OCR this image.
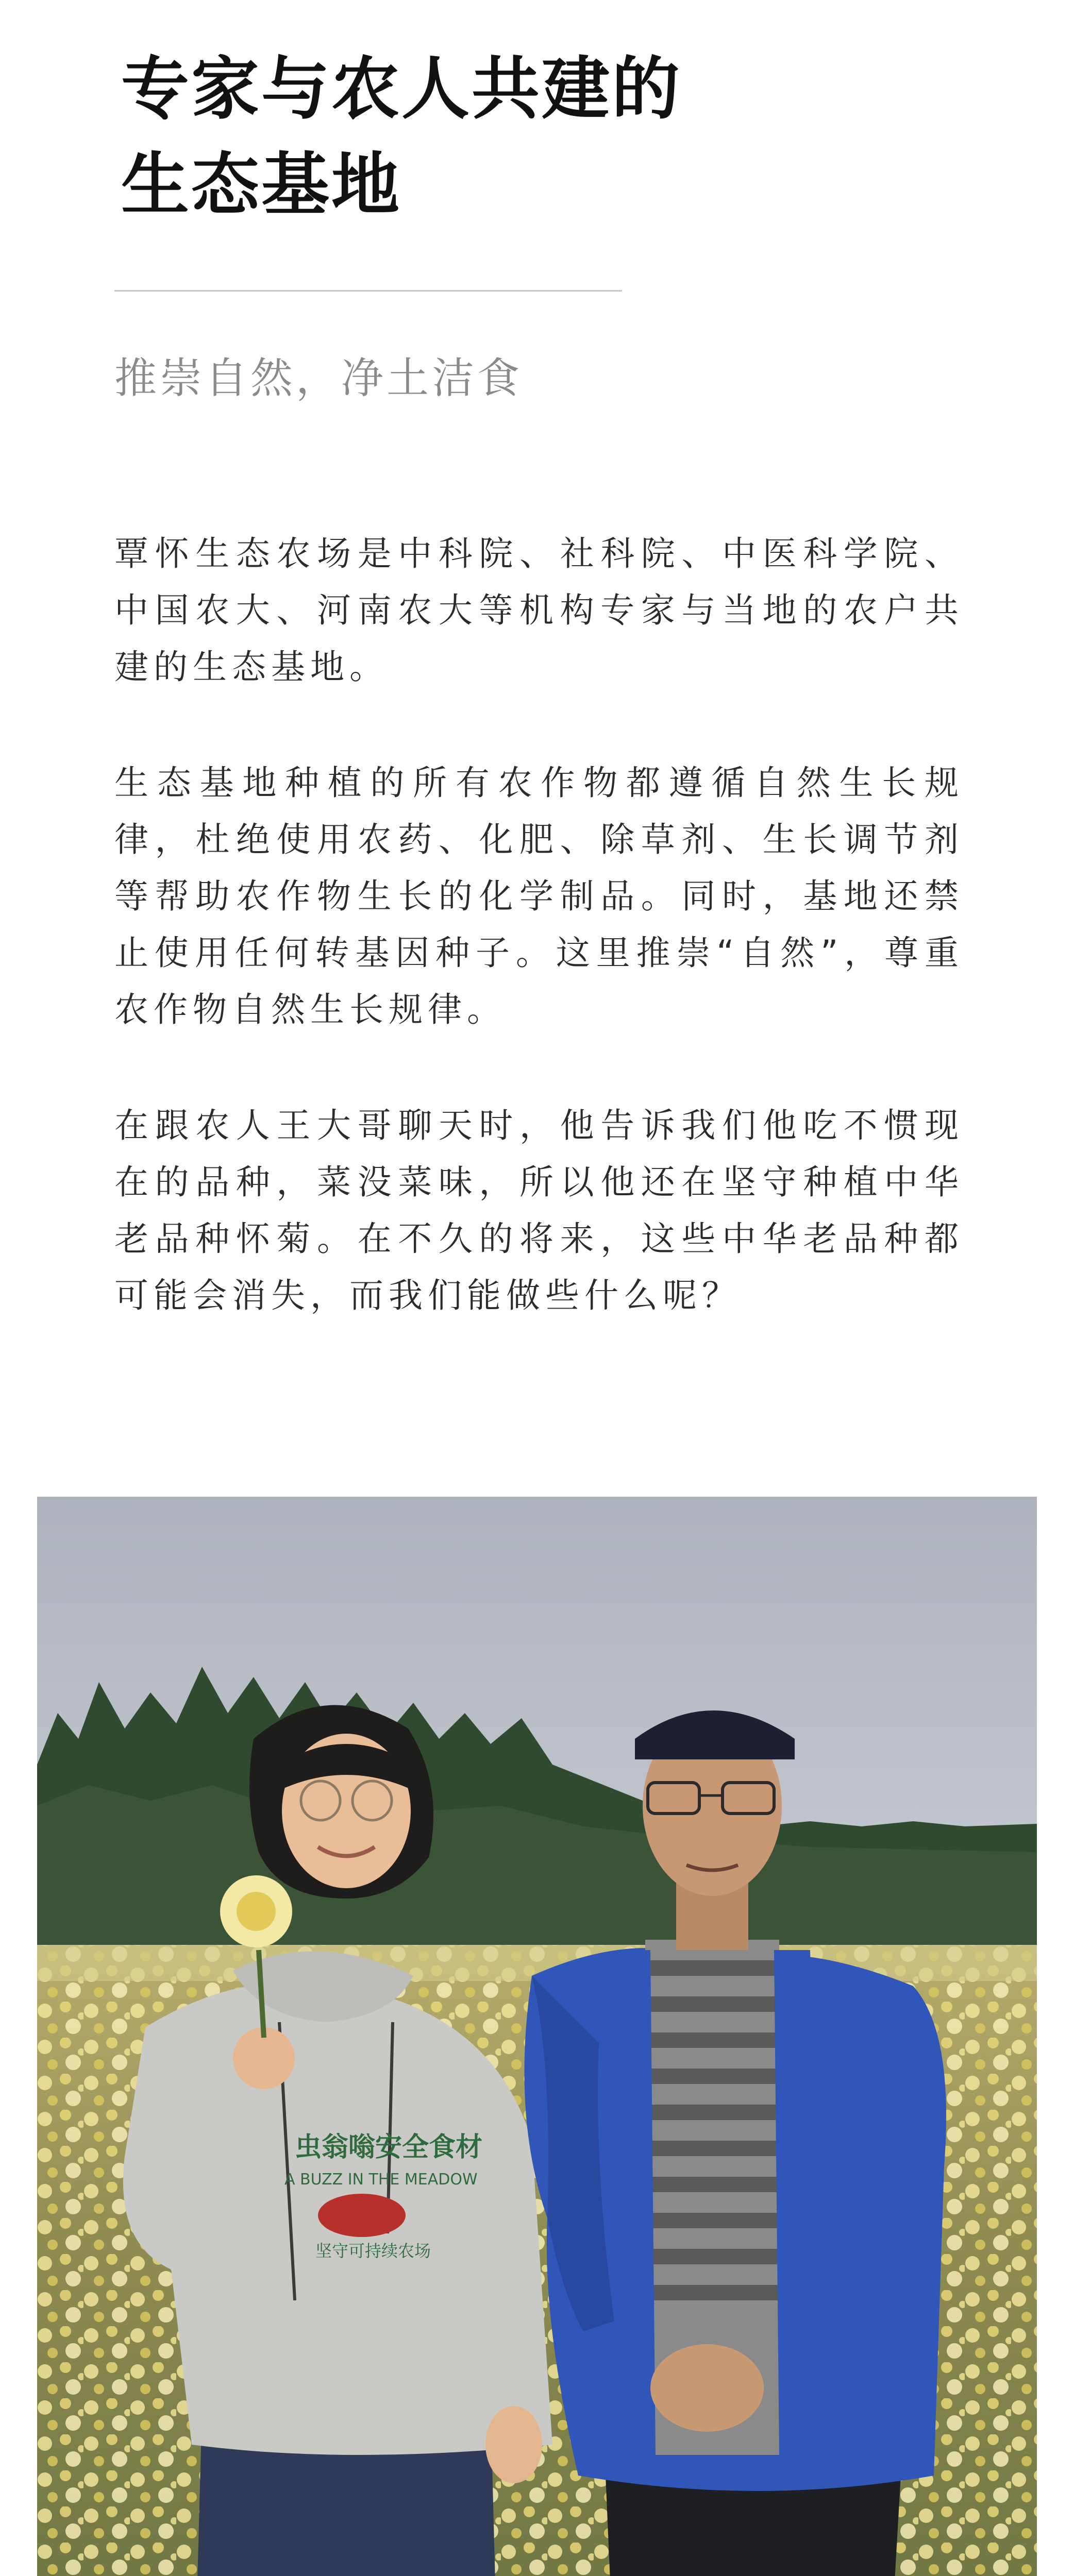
专家与农人共建的
生态基地
推崇自然，净土洁食

覃怀生态农场是中科院、社科院、中医科学院、中国农大、河南农大等机构专家与当地的农户共建的生态基地。

生态基地种植的所有农作物都遵循自然生长规律，杜绝使用农药、化肥、除草剂、生长调节剂等帮助农作物生长的化学制品。同时，基地还禁止使用任何转基因种子。这里推崇“自然”，尊重农作物自然生长规律。

在跟农人王大哥聊天时，他告诉我们他吃不惯现在的品种，菜没菜味，所以他还在坚守种植中华老品种怀菊。在不久的将来，这些中华老品种都可能会消失，而我们能做些什么呢？

虫翁嗡安全食材
A BUZZ IN THE MEADOW
坚守可持续农场
